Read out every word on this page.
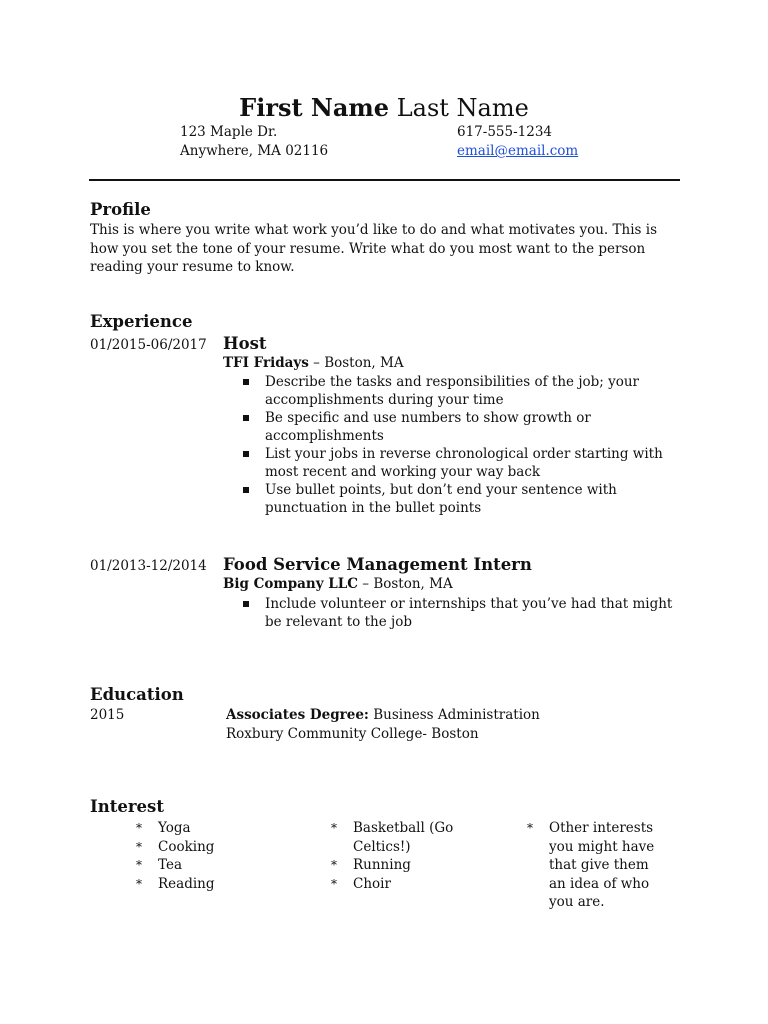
First Name Last Name
123 Maple Dr.
Anywhere, MA 02116
617-555-1234
email@email.com
Profile
This is where you write what work you’d like to do and what motivates you. This is how you set the tone of your resume. Write what do you most want to the person reading your resume to know.
Experience
01/2015-06/2017 Host
TFI Fridays – Boston, MA
Describe the tasks and responsibilities of the job; your accomplishments during your time
Be specific and use numbers to show growth or accomplishments
List your jobs in reverse chronological order starting with most recent and working your way back
Use bullet points, but don’t end your sentence with punctuation in the bullet points
01/2013-12/2014 Food Service Management Intern
Big Company LLC – Boston, MA
Include volunteer or internships that you’ve had that might be relevant to the job
Education
2015	Associates Degree: Business Administration
Roxbury Community College- Boston
Interest
* Yoga
* Cooking
* Tea
* Reading
* Basketball (Go Celtics!)
* Running
* Choir
* Other interests you might have that give them an idea of who you are.
